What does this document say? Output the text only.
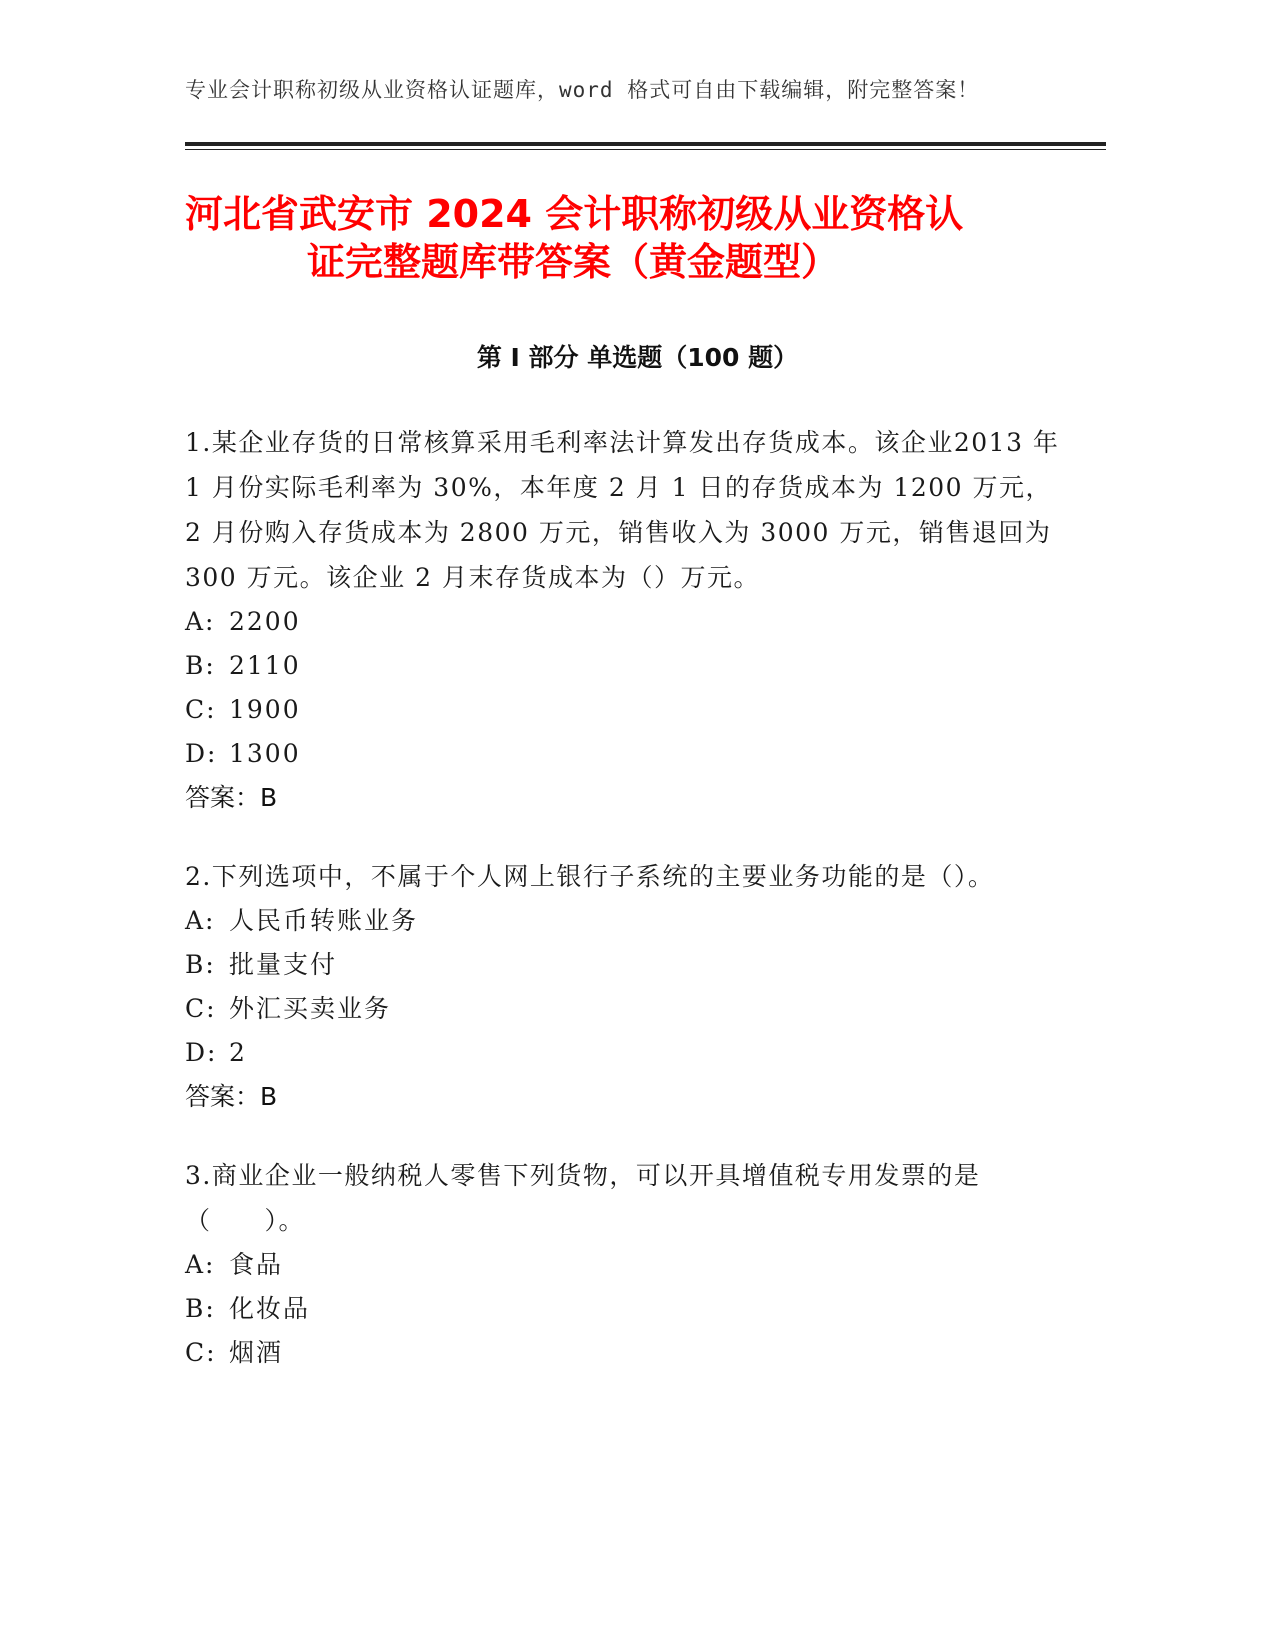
专业会计职称初级从业资格认证题库，word 格式可自由下载编辑，附完整答案！
河北省武安市 2024 会计职称初级从业资格认
证完整题库带答案（黄金题型）
第 I 部分 单选题（100 题）

1.某企业存货的日常核算采用毛利率法计算发出存货成本。该企业2013 年 1 月份实际毛利率为 30%，本年度 2 月 1 日的存货成本为 1200 万元，2 月份购入存货成本为 2800 万元，销售收入为 3000 万元，销售退回为 300 万元。该企业 2 月末存货成本为（）万元。

A: 2200
B: 2110
C: 1900
D: 1300
答案：B

2.下列选项中，不属于个人网上银行子系统的主要业务功能的是（）。

A: 人民币转账业务
B: 批量支付
C: 外汇买卖业务
D: 2
答案：B

3.商业企业一般纳税人零售下列货物，可以开具增值税专用发票的是（　　）。

A: 食品
B: 化妆品
C: 烟酒
